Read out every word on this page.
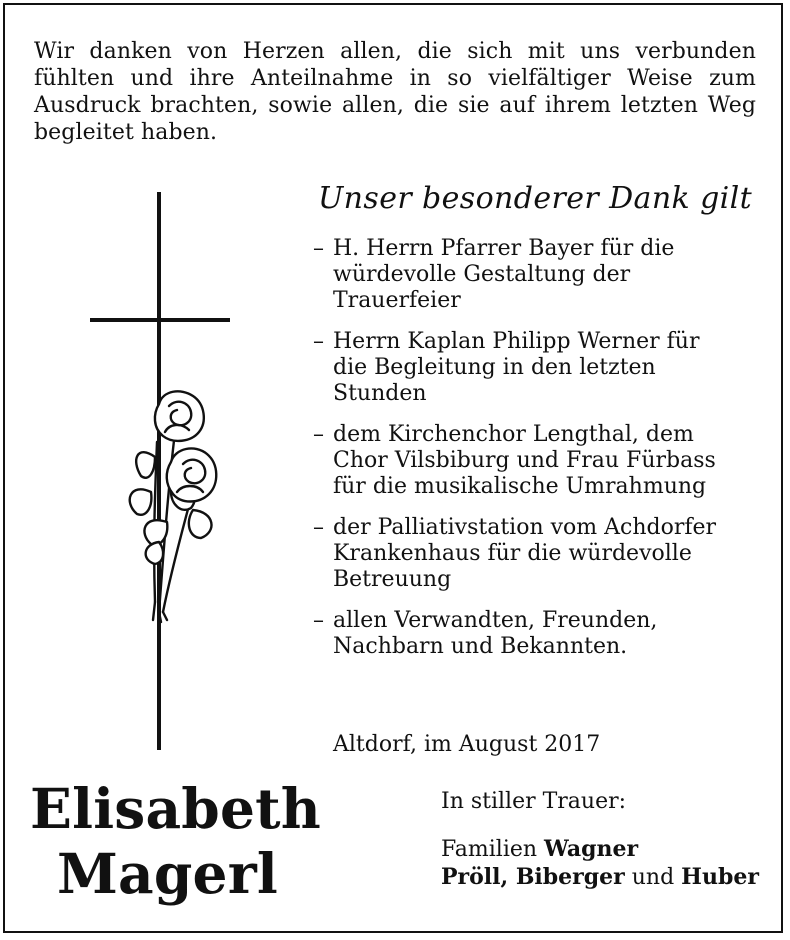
Wir danken von Herzen allen, die sich mit uns verbunden fühlten und ihre Anteilnahme in so vielfältiger Weise zum Ausdruck brachten, sowie allen, die sie auf ihrem letzten Weg begleitet haben.
Unser besonderer Dank gilt
– H. Herrn Pfarrer Bayer für die würdevolle Gestaltung der Trauerfeier
– Herrn Kaplan Philipp Werner für die Begleitung in den letzten Stunden
– dem Kirchenchor Lengthal, dem Chor Vilsbiburg und Frau Fürbass für die musikalische Umrahmung
– der Palliativstation vom Achdorfer Krankenhaus für die würdevolle Betreuung
– allen Verwandten, Freunden, Nachbarn und Bekannten.
Altdorf, im August 2017
Elisabeth
Magerl
In stiller Trauer:
Familien Wagner
Pröll, Biberger und Huber
